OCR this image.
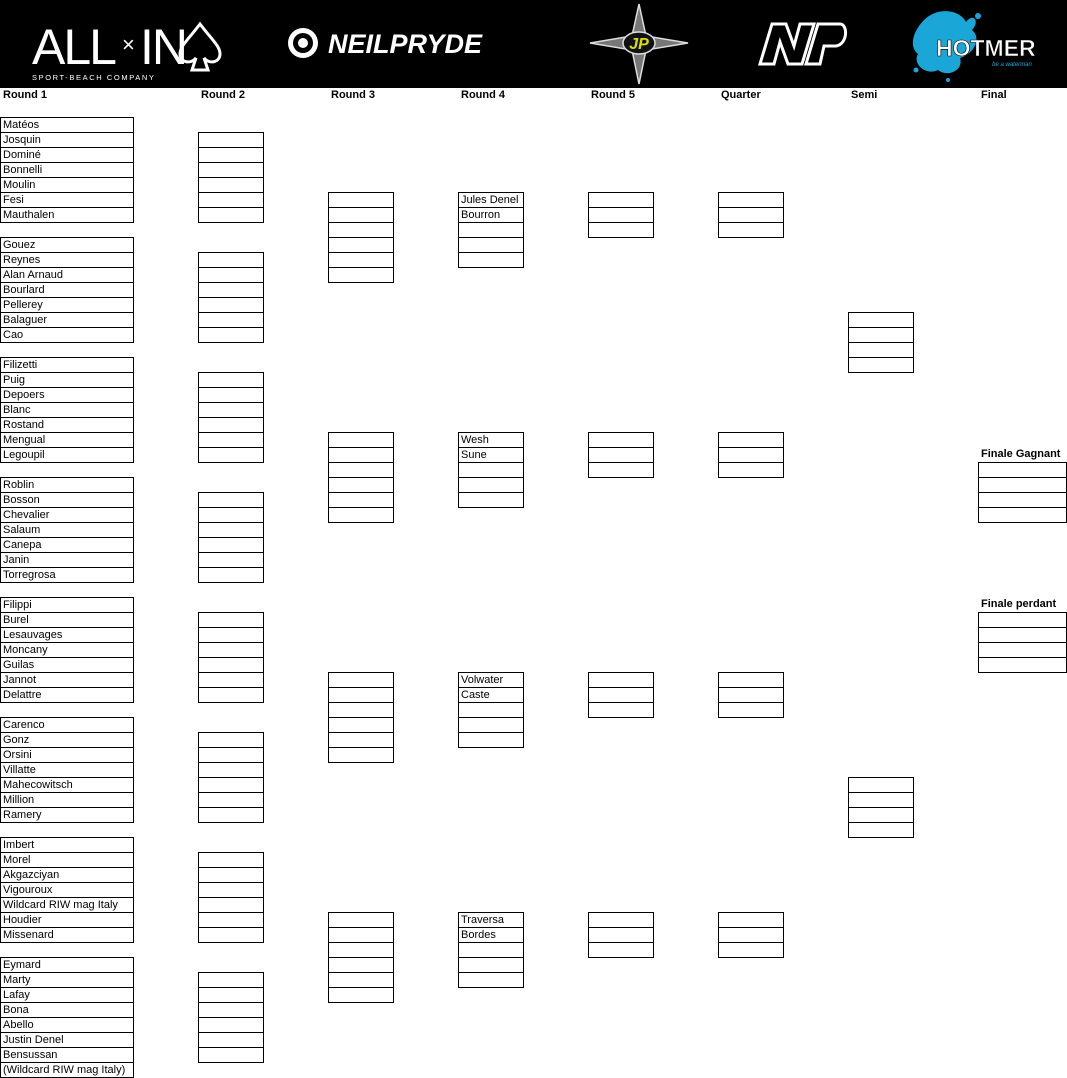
ALL × IN
SPORT-BEACH COMPANY
NEILPRYDE	JP	HOTMER
be a waterman
Round 1	Round 2	Round 3	Round 4	Round 5	Quarter	Semi	Final
Matéos
Josquin
Dominé
Bonnelli
Moulin
Fesi
Mauthalen
Gouez
Reynes
Alan Arnaud
Bourlard
Pellerey
Balaguer
Cao
Filizetti
Puig
Depoers
Blanc
Rostand
Mengual
Legoupil
Roblin
Bosson
Chevalier
Salaum
Canepa
Janin
Torregrosa
Filippi
Burel
Lesauvages
Moncany
Guilas
Jannot
Delattre
Carenco
Gonz
Orsini
Villatte
Mahecowitsch
Million
Ramery
Imbert
Morel
Akgazciyan
Vigouroux
Wildcard RIW mag Italy
Houdier
Missenard
Eymard
Marty
Lafay
Bona
Abello
Justin Denel
Bensussan
(Wildcard RIW mag Italy)
Jules Denel
Bourron
Wesh
Sune
Volwater
Caste
Traversa
Bordes
Finale Gagnant
Finale perdant
